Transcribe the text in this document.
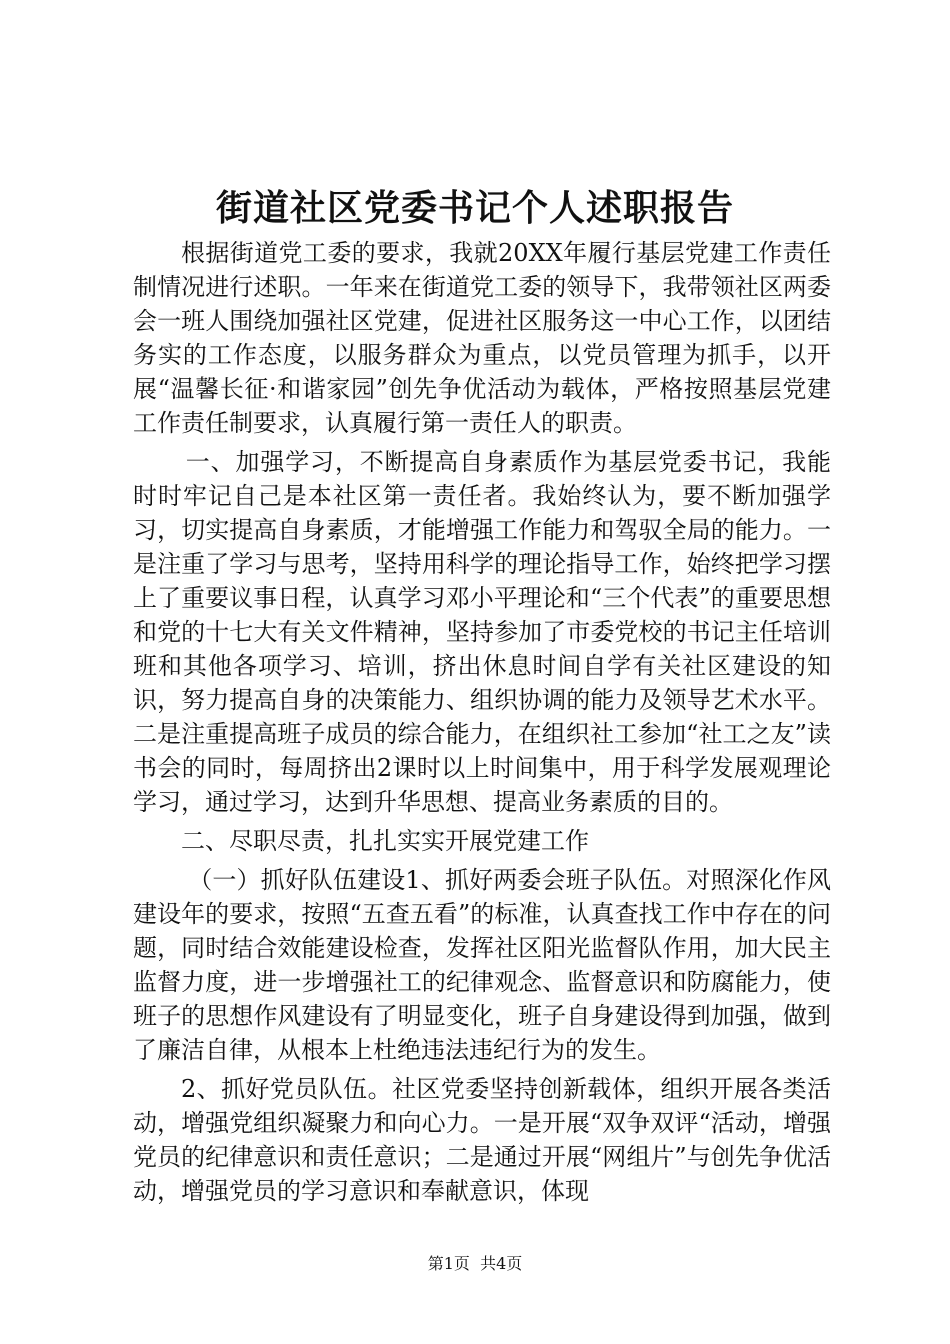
街道社区党委书记个人述职报告

根据街道党工委的要求，我就20XX年履行基层党建工作责任制情况进行述职。一年来在街道党工委的领导下，我带领社区两委会一班人围绕加强社区党建，促进社区服务这一中心工作，以团结务实的工作态度，以服务群众为重点，以党员管理为抓手，以开展“温馨长征·和谐家园”创先争优活动为载体，严格按照基层党建工作责任制要求，认真履行第一责任人的职责。

一、加强学习，不断提高自身素质作为基层党委书记，我能时时牢记自己是本社区第一责任者。我始终认为，要不断加强学习，切实提高自身素质，才能增强工作能力和驾驭全局的能力。一是注重了学习与思考，坚持用科学的理论指导工作，始终把学习摆上了重要议事日程，认真学习邓小平理论和“三个代表”的重要思想和党的十七大有关文件精神，坚持参加了市委党校的书记主任培训班和其他各项学习、培训，挤出休息时间自学有关社区建设的知识，努力提高自身的决策能力、组织协调的能力及领导艺术水平。二是注重提高班子成员的综合能力，在组织社工参加“社工之友”读书会的同时，每周挤出2课时以上时间集中，用于科学发展观理论学习，通过学习，达到升华思想、提高业务素质的目的。

二、尽职尽责，扎扎实实开展党建工作

（一）抓好队伍建设1、抓好两委会班子队伍。对照深化作风建设年的要求，按照“五查五看”的标准，认真查找工作中存在的问题，同时结合效能建设检查，发挥社区阳光监督队作用，加大民主监督力度，进一步增强社工的纪律观念、监督意识和防腐能力，使班子的思想作风建设有了明显变化，班子自身建设得到加强，做到了廉洁自律，从根本上杜绝违法违纪行为的发生。

2、抓好党员队伍。社区党委坚持创新载体，组织开展各类活动，增强党组织凝聚力和向心力。一是开展“双争双评“活动，增强党员的纪律意识和责任意识；二是通过开展“网组片”与创先争优活动，增强党员的学习意识和奉献意识，体现

第1页  共4页
